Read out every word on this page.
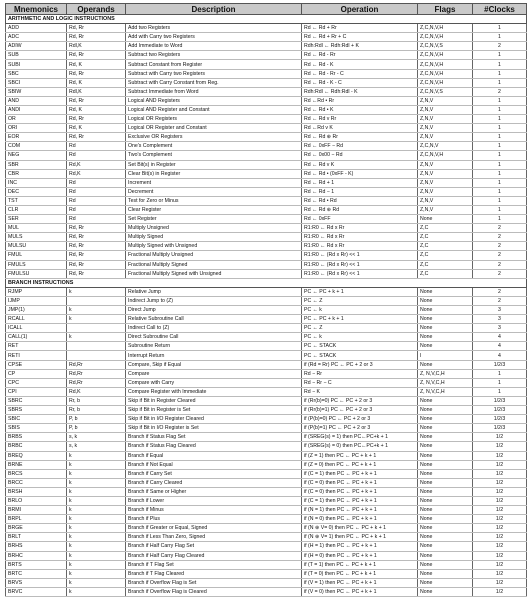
Mnemonics	Operands	Description	Operation	Flags	#Clocks
ARITHMETIC AND LOGIC INSTRUCTIONS					
ADD	Rd, Rr	Add two Registers	Rd ← Rd + Rr	Z,C,N,V,H	1
ADC	Rd, Rr	Add with Carry two Registers	Rd ← Rd + Rr + C	Z,C,N,V,H	1
ADIW	Rdl,K	Add Immediate to Word	Rdh:Rdl ← Rdh:Rdl + K	Z,C,N,V,S	2
SUB	Rd, Rr	Subtract two Registers	Rd ← Rd - Rr	Z,C,N,V,H	1
SUBI	Rd, K	Subtract Constant from Register	Rd ← Rd - K	Z,C,N,V,H	1
SBC	Rd, Rr	Subtract with Carry two Registers	Rd ← Rd - Rr - C	Z,C,N,V,H	1
SBCI	Rd, K	Subtract with Carry Constant from Reg.	Rd ← Rd - K - C	Z,C,N,V,H	1
SBIW	Rdl,K	Subtract Immediate from Word	Rdh:Rdl ← Rdh:Rdl - K	Z,C,N,V,S	2
AND	Rd, Rr	Logical AND Registers	Rd ←Rd • Rr	Z,N,V	1
ANDI	Rd, K	Logical AND Register and Constant	Rd ← Rd • K	Z,N,V	1
OR	Rd, Rr	Logical OR Registers	Rd ← Rd v Rr	Z,N,V	1
ORI	Rd, K	Logical OR Register and Constant	Rd ←Rd v K	Z,N,V	1
EOR	Rd, Rr	Exclusive OR Registers	Rd ← Rd ⊕ Rr	Z,N,V	1
COM	Rd	One's Complement	Rd ← 0xFF − Rd	Z,C,N,V	1
NEG	Rd	Two's Complement	Rd ← 0x00 − Rd	Z,C,N,V,H	1
SBR	Rd,K	Set Bit(s) in Register	Rd ← Rd v K	Z,N,V	1
CBR	Rd,K	Clear Bit(s) in Register	Rd ← Rd • (0xFF - K)	Z,N,V	1
INC	Rd	Increment	Rd ← Rd + 1	Z,N,V	1
DEC	Rd	Decrement	Rd ← Rd − 1	Z,N,V	1
TST	Rd	Test for Zero or Minus	Rd ← Rd • Rd	Z,N,V	1
CLR	Rd	Clear Register	Rd ← Rd ⊕ Rd	Z,N,V	1
SER	Rd	Set Register	Rd ← 0xFF	None	1
MUL	Rd, Rr	Multiply Unsigned	R1:R0 ← Rd x Rr	Z,C	2
MULS	Rd, Rr	Multiply Signed	R1:R0 ← Rd x Rr	Z,C	2
MULSU	Rd, Rr	Multiply Signed with Unsigned	R1:R0 ← Rd x Rr	Z,C	2
FMUL	Rd, Rr	Fractional Multiply Unsigned	R1:R0 ← (Rd x Rr) << 1	Z,C	2
FMULS	Rd, Rr	Fractional Multiply Signed	R1:R0 ← (Rd x Rr) << 1	Z,C	2
FMULSU	Rd, Rr	Fractional Multiply Signed with Unsigned	R1:R0 ← (Rd x Rr) << 1	Z,C	2
BRANCH INSTRUCTIONS					
RJMP	k	Relative Jump	PC ← PC + k + 1	None	2
IJMP		Indirect Jump to (Z)	PC ← Z	None	2
JMP(1)	k	Direct Jump	PC ← k	None	3
RCALL	k	Relative Subroutine Call	PC ← PC + k + 1	None	3
ICALL		Indirect Call to (Z)	PC ← Z	None	3
CALL(1)	k	Direct Subroutine Call	PC ← k	None	4
RET		Subroutine Return	PC ← STACK	None	4
RETI		Interrupt Return	PC ← STACK	I	4
CPSE	Rd,Rr	Compare, Skip if Equal	if (Rd = Rr) PC ← PC + 2 or 3	None	1/2/3
CP	Rd,Rr	Compare	Rd − Rr	Z, N,V,C,H	1
CPC	Rd,Rr	Compare with Carry	Rd − Rr − C	Z, N,V,C,H	1
CPI	Rd,K	Compare Register with Immediate	Rd − K	Z, N,V,C,H	1
SBRC	Rr, b	Skip if Bit in Register Cleared	if (Rr(b)=0) PC ← PC + 2 or 3	None	1/2/3
SBRS	Rr, b	Skip if Bit in Register is Set	if (Rr(b)=1) PC ← PC + 2 or 3	None	1/2/3
SBIC	P, b	Skip if Bit in I/O Register Cleared	if (P(b)=0) PC ← PC + 2 or 3	None	1/2/3
SBIS	P, b	Skip if Bit in I/O Register is Set	if (P(b)=1) PC ← PC + 2 or 3	None	1/2/3
BRBS	s, k	Branch if Status Flag Set	if (SREG(s) = 1) then PC←PC+k + 1	None	1/2
BRBC	s, k	Branch if Status Flag Cleared	if (SREG(s) = 0) then PC←PC+k + 1	None	1/2
BREQ	k	Branch if Equal	if (Z = 1) then PC ← PC + k + 1	None	1/2
BRNE	k	Branch if Not Equal	if (Z = 0) then PC ← PC + k + 1	None	1/2
BRCS	k	Branch if Carry Set	if (C = 1) then PC ← PC + k + 1	None	1/2
BRCC	k	Branch if Carry Cleared	if (C = 0) then PC ← PC + k + 1	None	1/2
BRSH	k	Branch if Same or Higher	if (C = 0) then PC ← PC + k + 1	None	1/2
BRLO	k	Branch if Lower	if (C = 1) then PC ← PC + k + 1	None	1/2
BRMI	k	Branch if Minus	if (N = 1) then PC ← PC + k + 1	None	1/2
BRPL	k	Branch if Plus	if (N = 0) then PC ← PC + k + 1	None	1/2
BRGE	k	Branch if Greater or Equal, Signed	if (N ⊕ V= 0) then PC ← PC + k + 1	None	1/2
BRLT	k	Branch if Less Than Zero, Signed	if (N ⊕ V= 1) then PC ← PC + k + 1	None	1/2
BRHS	k	Branch if Half Carry Flag Set	if (H = 1) then PC ← PC + k + 1	None	1/2
BRHC	k	Branch if Half Carry Flag Cleared	if (H = 0) then PC ← PC + k + 1	None	1/2
BRTS	k	Branch if T Flag Set	if (T = 1) then PC ← PC + k + 1	None	1/2
BRTC	k	Branch if T Flag Cleared	if (T = 0) then PC ← PC + k + 1	None	1/2
BRVS	k	Branch if Overflow Flag is Set	if (V = 1) then PC ← PC + k + 1	None	1/2
BRVC	k	Branch if Overflow Flag is Cleared	if (V = 0) then PC ← PC + k + 1	None	1/2
